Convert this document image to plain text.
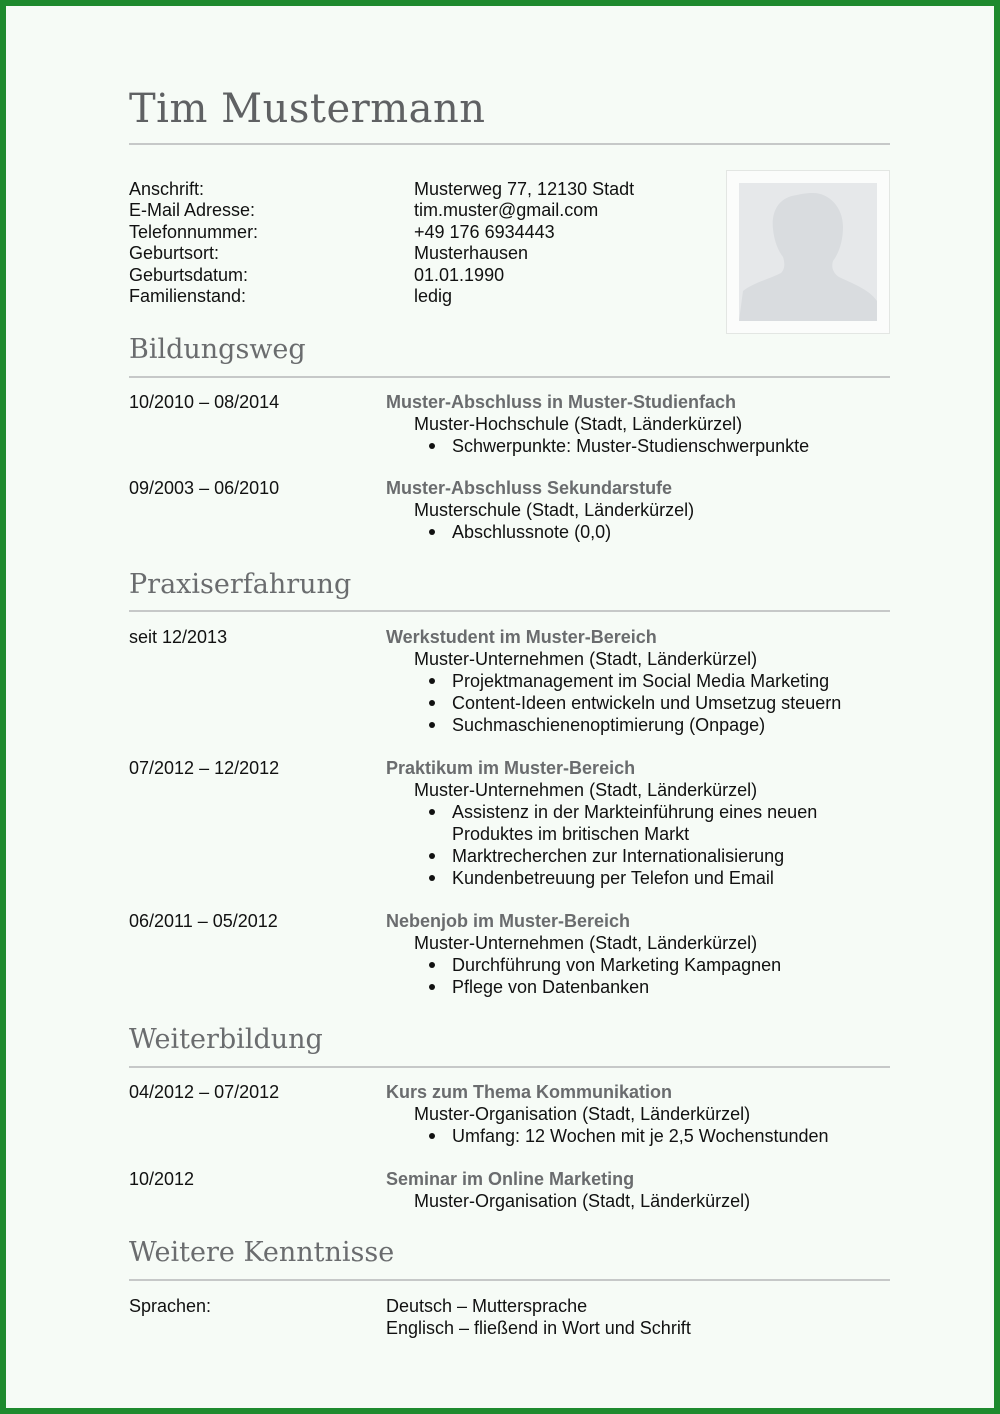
Tim Mustermann
Anschrift:	Musterweg 77, 12130 Stadt
E-Mail Adresse:	tim.muster@gmail.com
Telefonnummer:	+49 176 6934443
Geburtsort:	Musterhausen
Geburtsdatum:	01.01.1990
Familienstand:	ledig
Bildungsweg
10/2010 – 08/2014	Muster-Abschluss in Muster-Studienfach
Muster-Hochschule (Stadt, Länderkürzel)
Schwerpunkte: Muster-Studienschwerpunkte
09/2003 – 06/2010	Muster-Abschluss Sekundarstufe
Musterschule (Stadt, Länderkürzel)
Abschlussnote (0,0)
Praxiserfahrung
seit 12/2013	Werkstudent im Muster-Bereich
Muster-Unternehmen (Stadt, Länderkürzel)
Projektmanagement im Social Media Marketing
Content-Ideen entwickeln und Umsetzug steuern
Suchmaschienenoptimierung (Onpage)
07/2012 – 12/2012	Praktikum im Muster-Bereich
Muster-Unternehmen (Stadt, Länderkürzel)
Assistenz in der Markteinführung eines neuen
Produktes im britischen Markt
Marktrecherchen zur Internationalisierung
Kundenbetreuung per Telefon und Email
06/2011 – 05/2012	Nebenjob im Muster-Bereich
Muster-Unternehmen (Stadt, Länderkürzel)
Durchführung von Marketing Kampagnen
Pflege von Datenbanken
Weiterbildung
04/2012 – 07/2012	Kurs zum Thema Kommunikation
Muster-Organisation (Stadt, Länderkürzel)
Umfang: 12 Wochen mit je 2,5 Wochenstunden
10/2012	Seminar im Online Marketing
Muster-Organisation (Stadt, Länderkürzel)
Weitere Kenntnisse
Sprachen:	Deutsch – Muttersprache
Englisch – fließend in Wort und Schrift
